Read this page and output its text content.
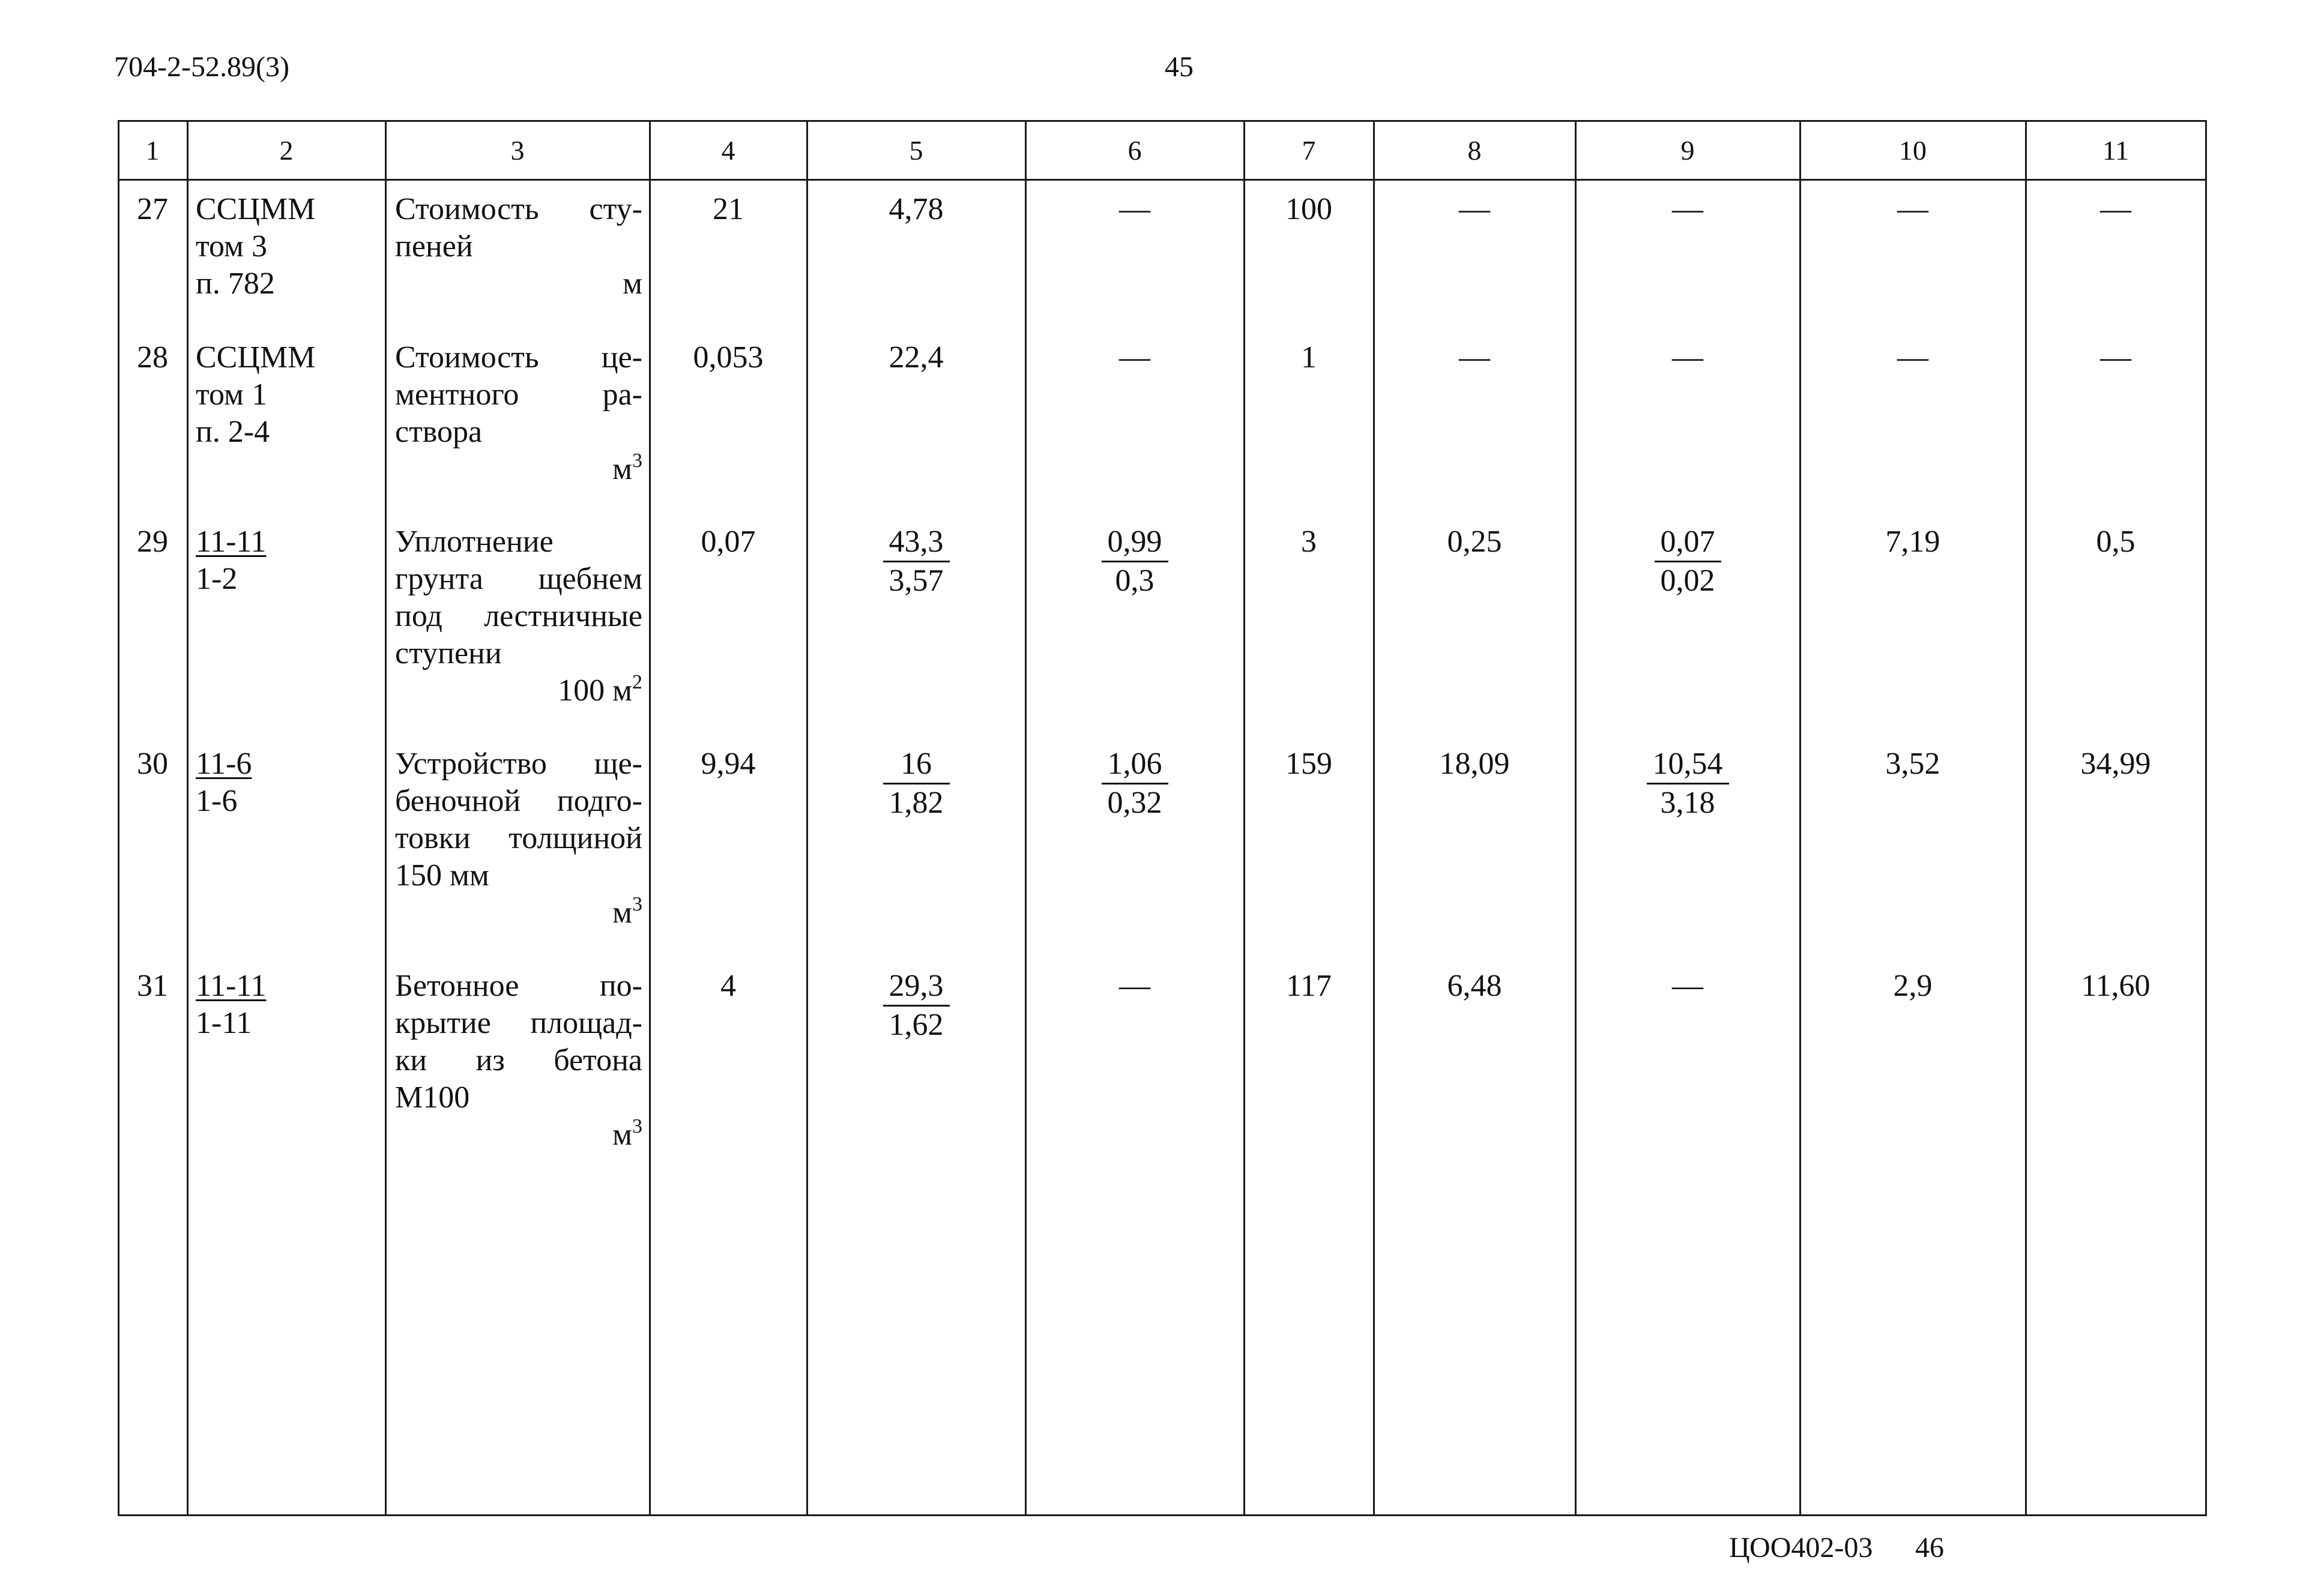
704-2-52.89(3)	45
1	2	3	4	5	6	7	8	9	10	11
27 ССЦММ
том 3
п. 782
Стоимость сту-
пеней
м
21	4,78	—	100	—	—	—	—
28 ССЦММ
том 1
п. 2-4
Стоимость це-
ментного ра-
створа
$м^3$
0,053	22,4	—	1	—	—	—	—
29 11-11
1-2
Уплотнение
грунта щебнем
под лестничные
ступени
100 $м^2$
0,07	$\frac{43,3}{3,57}$	$\frac{0,99}{0,3}$	3	0,25	$\frac{0,07}{0,02}$	7,19	0,5
30 11-6
1-6
Устройство ще-
беночной подго-
товки толщиной
150 мм
$м^3$
9,94	$\frac{16}{1,82}$	$\frac{1,06}{0,32}$	159	18,09	$\frac{10,54}{3,18}$	3,52	34,99
31 11-11
1-11
Бетонное по-
крытие площад-
ки из бетона
М100
$м^3$
4	$\frac{29,3}{1,62}$	—	117	6,48	—	2,9	11,60
ЦОО402-03 46
